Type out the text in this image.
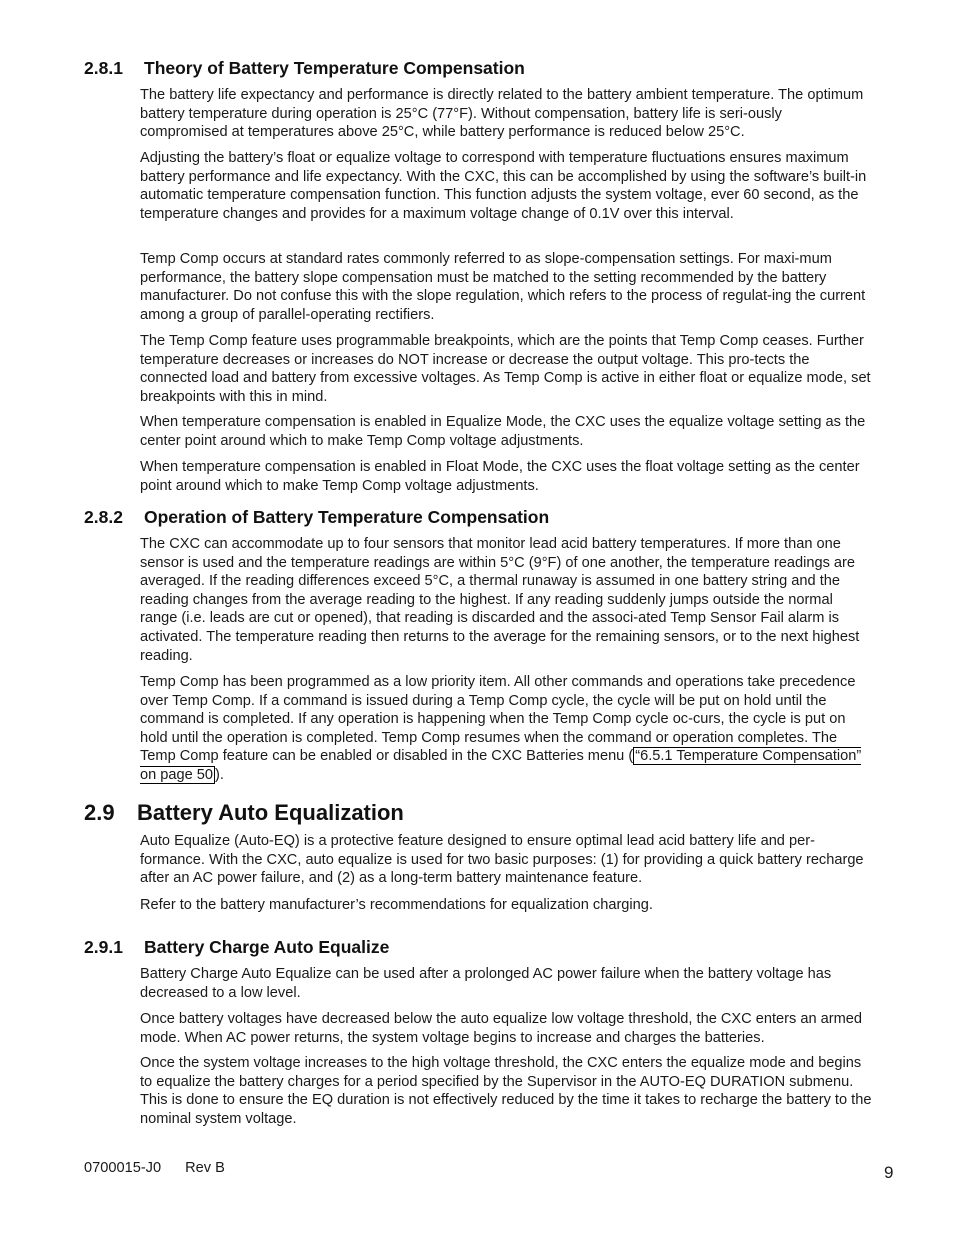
2.8.1 Theory of Battery Temperature Compensation

The battery life expectancy and performance is directly related to the battery ambient temperature. The optimum battery temperature during operation is 25°C (77°F). Without compensation, battery life is seri-ously compromised at temperatures above 25°C, while battery performance is reduced below 25°C.

Adjusting the battery’s float or equalize voltage to correspond with temperature fluctuations ensures maximum battery performance and life expectancy. With the CXC, this can be accomplished by using the software’s built-in automatic temperature compensation function. This function adjusts the system voltage, ever 60 second, as the temperature changes and provides for a maximum voltage change of 0.1V over this interval.

Temp Comp occurs at standard rates commonly referred to as slope-compensation settings. For maxi-mum performance, the battery slope compensation must be matched to the setting recommended by the battery manufacturer. Do not confuse this with the slope regulation, which refers to the process of regulat-ing the current among a group of parallel-operating rectifiers.

The Temp Comp feature uses programmable breakpoints, which are the points that Temp Comp ceases. Further temperature decreases or increases do NOT increase or decrease the output voltage. This pro-tects the connected load and battery from excessive voltages. As Temp Comp is active in either float or equalize mode, set breakpoints with this in mind.

When temperature compensation is enabled in Equalize Mode, the CXC uses the equalize voltage setting as the center point around which to make Temp Comp voltage adjustments.

When temperature compensation is enabled in Float Mode, the CXC uses the float voltage setting as the center point around which to make Temp Comp voltage adjustments.

2.8.2 Operation of Battery Temperature Compensation

The CXC can accommodate up to four sensors that monitor lead acid battery temperatures. If more than one sensor is used and the temperature readings are within 5°C (9°F) of one another, the temperature readings are averaged. If the reading differences exceed 5°C, a thermal runaway is assumed in one battery string and the reading changes from the average reading to the highest. If any reading suddenly jumps outside the normal range (i.e. leads are cut or opened), that reading is discarded and the associ-ated Temp Sensor Fail alarm is activated. The temperature reading then returns to the average for the remaining sensors, or to the next highest reading.

Temp Comp has been programmed as a low priority item. All other commands and operations take precedence over Temp Comp. If a command is issued during a Temp Comp cycle, the cycle will be put on hold until the command is completed. If any operation is happening when the Temp Comp cycle oc-curs, the cycle is put on hold until the operation is completed. Temp Comp resumes when the command or operation completes. The Temp Comp feature can be enabled or disabled in the CXC Batteries menu ( “6.5.1 Temperature Compensation” on page 50 ).

2.9 Battery Auto Equalization

Auto Equalize (Auto-EQ) is a protective feature designed to ensure optimal lead acid battery life and per-formance. With the CXC, auto equalize is used for two basic purposes: (1) for providing a quick battery recharge after an AC power failure, and (2) as a long-term battery maintenance feature.

Refer to the battery manufacturer’s recommendations for equalization charging.

2.9.1 Battery Charge Auto Equalize

Battery Charge Auto Equalize can be used after a prolonged AC power failure when the battery voltage has decreased to a low level.

Once battery voltages have decreased below the auto equalize low voltage threshold, the CXC enters an armed mode. When AC power returns, the system voltage begins to increase and charges the batteries.

Once the system voltage increases to the high voltage threshold, the CXC enters the equalize mode and begins to equalize the battery charges for a period specified by the Supervisor in the AUTO-EQ DURATION submenu. This is done to ensure the EQ duration is not effectively reduced by the time it takes to recharge the battery to the nominal system voltage.

0700015-J0 Rev B	9
